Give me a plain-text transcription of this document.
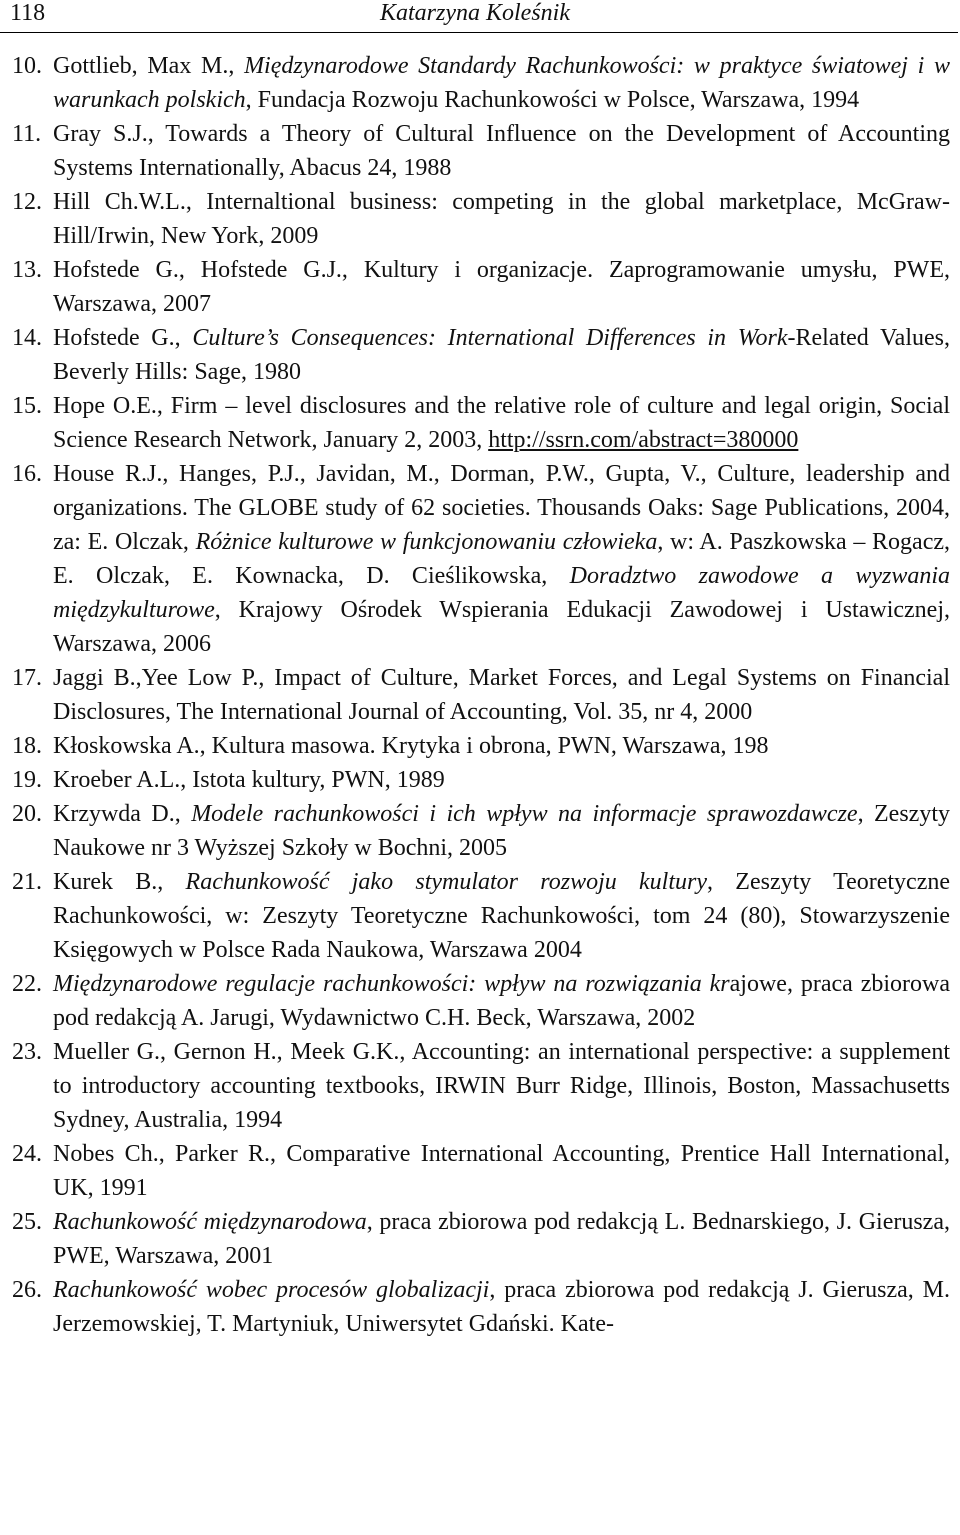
118	Katarzyna Koleśnik
10. Gottlieb, Max M., Międzynarodowe Standardy Rachunkowości: w praktyce światowej i w warunkach polskich, Fundacja Rozwoju Rachunkowości w Polsce, Warszawa, 1994
11. Gray S.J., Towards a Theory of Cultural Influence on the Development of Accounting Systems Internationally, Abacus 24, 1988
12. Hill Ch.W.L., Internaltional business: competing in the global marketplace, McGraw-Hill/Irwin, New York, 2009
13. Hofstede G., Hofstede G.J., Kultury i organizacje. Zaprogramowanie umysłu, PWE, Warszawa, 2007
14. Hofstede G., Culture’s Consequences: International Differences in Work-Related Values, Beverly Hills: Sage, 1980
15. Hope O.E., Firm – level disclosures and the relative role of culture and legal origin, Social Science Research Network, January 2, 2003, http://ssrn.com/abstract=380000
16. House R.J., Hanges, P.J., Javidan, M., Dorman, P.W., Gupta, V., Culture, leadership and organizations. The GLOBE study of 62 societies. Thousands Oaks: Sage Publications, 2004, za: E. Olczak, Różnice kulturowe w funkcjonowaniu człowieka, w: A. Paszkowska – Rogacz, E. Olczak, E. Kownacka, D. Cieślikowska, Doradztwo zawodowe a wyzwania międzykulturowe, Krajowy Ośrodek Wspierania Edukacji Zawodowej i Ustawicznej, Warszawa, 2006
17. Jaggi B.,Yee Low P., Impact of Culture, Market Forces, and Legal Systems on Financial Disclosures, The International Journal of Accounting, Vol. 35, nr 4, 2000
18. Kłoskowska A., Kultura masowa. Krytyka i obrona, PWN, Warszawa, 198
19. Kroeber A.L., Istota kultury, PWN, 1989
20. Krzywda D., Modele rachunkowości i ich wpływ na informacje sprawozdawcze, Zeszyty Naukowe nr 3 Wyższej Szkoły w Bochni, 2005
21. Kurek B., Rachunkowość jako stymulator rozwoju kultury, Zeszyty Teoretyczne Rachunkowości, w: Zeszyty Teoretyczne Rachunkowości, tom 24 (80), Stowarzyszenie Księgowych w Polsce Rada Naukowa, Warszawa 2004
22. Międzynarodowe regulacje rachunkowości: wpływ na rozwiązania krajowe, praca zbiorowa pod redakcją A. Jarugi, Wydawnictwo C.H. Beck, Warszawa, 2002
23. Mueller G., Gernon H., Meek G.K., Accounting: an international perspective: a supplement to introductory accounting textbooks, IRWIN Burr Ridge, Illinois, Boston, Massachusetts Sydney, Australia, 1994
24. Nobes Ch., Parker R., Comparative International Accounting, Prentice Hall International, UK, 1991
25. Rachunkowość międzynarodowa, praca zbiorowa pod redakcją L. Bednarskiego, J. Gierusza, PWE, Warszawa, 2001
26. Rachunkowość wobec procesów globalizacji, praca zbiorowa pod redakcją J. Gierusza, M. Jerzemowskiej, T. Martyniuk, Uniwersytet Gdański. Kate-
